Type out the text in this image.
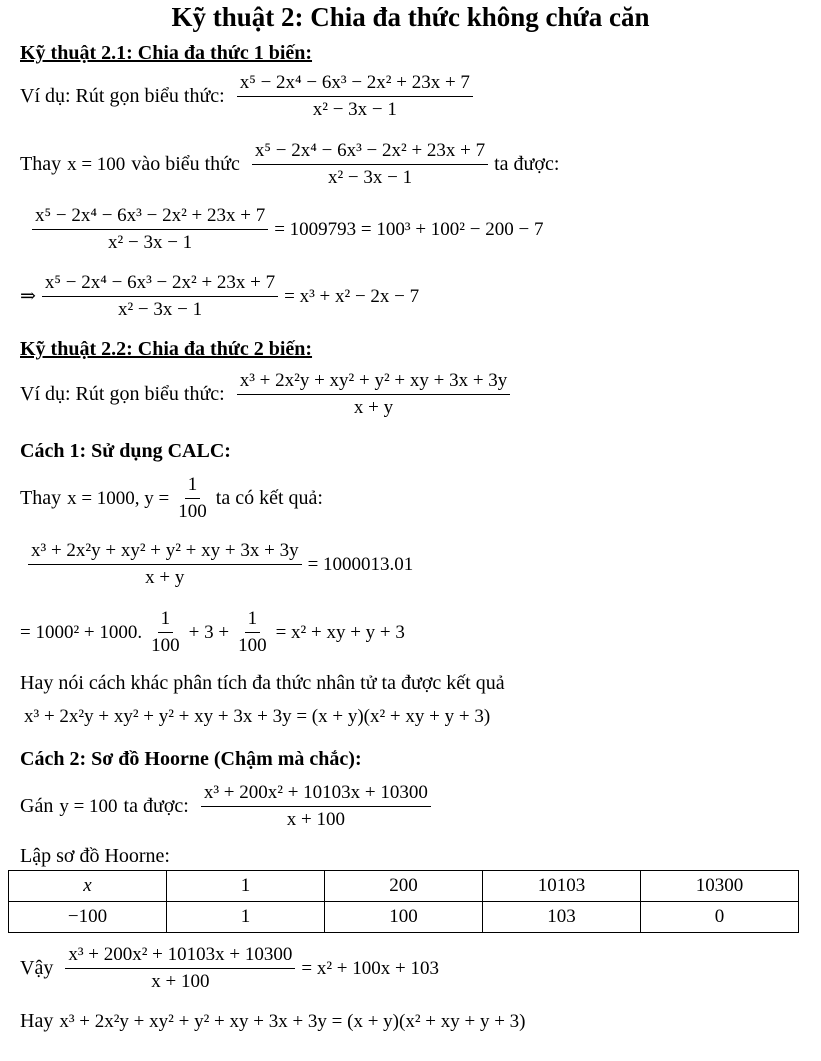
Kỹ thuật 2: Chia đa thức không chứa căn
Kỹ thuật 2.1: Chia đa thức 1 biến:
Ví dụ: Rút gọn biểu thức: $\frac{\text{x⁵ − 2x⁴ − 6x³ − 2x² + 23x + 7}}{\text{x² − 3x − 1}}$
Thay x = 100 vào biểu thức $\frac{\text{x⁵ − 2x⁴ − 6x³ − 2x² + 23x + 7}}{\text{x² − 3x − 1}}$ ta được:
$\frac{\text{x⁵ − 2x⁴ − 6x³ − 2x² + 23x + 7}}{\text{x² − 3x − 1}} = 1009793 = 100^3 + 100^2 - 200 - 7$
⇒ $\frac{\text{x⁵ − 2x⁴ − 6x³ − 2x² + 23x + 7}}{\text{x² − 3x − 1}} = x^3 + x^2 - 2x - 7$
Kỹ thuật 2.2: Chia đa thức 2 biến:
Ví dụ: Rút gọn biểu thức: $\frac{\text{x³ + 2x²y + xy² + y² + xy + 3x + 3y}}{x + y}$
Cách 1: Sử dụng CALC:
Thay x = 1000, $y = \frac{1}{100}$ ta có kết quả:
$\frac{\text{x³ + 2x²y + xy² + y² + xy + 3x + 3y}}{x + y} = 1000013.01$
= 1000² + 1000. $\frac{1}{100} + 3 + \frac{1}{100} = x^2$ + xy + y + 3
Hay nói cách khác phân tích đa thức nhân tử ta được kết quả
x³ + 2x²y + xy² + y² + xy + 3x + 3y = (x + y)(x² + xy + y + 3)
Cách 2: Sơ đồ Hoorne (Chậm mà chắc):
Gán y = 100 ta được: $\frac{\text{x³ + 200x² + 10103x + 10300}}{x + 100}$
Lập sơ đồ Hoorne:
x	1	200	10103	10300
−100	1	100	103	0
Vậy $\frac{\text{x³ + 200x² + 10103x + 10300}}{x + 100} = x^2 + 100x + 103$
Hay x³ + 2x²y + xy² + y² + xy + 3x + 3y = (x + y)(x² + xy + y + 3)
